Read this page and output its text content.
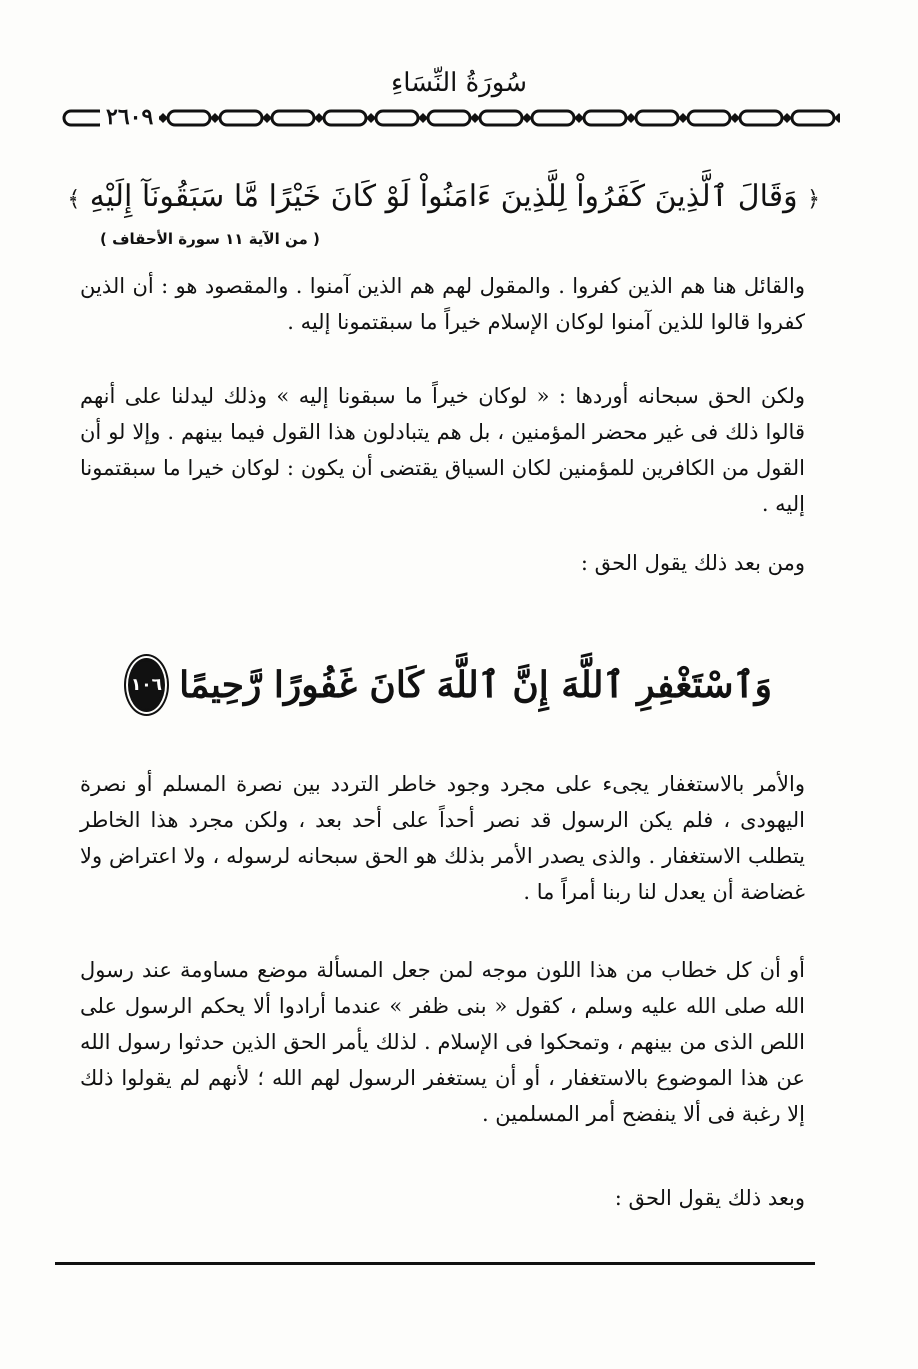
سُورَةُ النِّسَاءِ
٢٦٠٩
﴿ وَقَالَ ٱلَّذِينَ كَفَرُواْ لِلَّذِينَ ءَامَنُواْ لَوْ كَانَ خَيْرًا مَّا سَبَقُونَآ إِلَيْهِ ﴾
( من الآية ١١ سورة الأحقاف )
والقائل هنا هم الذين كفروا . والمقول لهم هم الذين آمنوا . والمقصود هو : أن الذين كفروا قالوا للذين آمنوا لوكان الإسلام خيراً ما سبقتمونا إليه .
ولكن الحق سبحانه أوردها : « لوكان خيراً ما سبقونا إليه » وذلك ليدلنا على أنهم قالوا ذلك فى غير محضر المؤمنين ، بل هم يتبادلون هذا القول فيما بينهم . وإلا لو أن القول من الكافرين للمؤمنين لكان السياق يقتضى أن يكون : لوكان خيرا ما سبقتمونا إليه .
ومن بعد ذلك يقول الحق :
وَٱسْتَغْفِرِ ٱللَّهَ إِنَّ ٱللَّهَ كَانَ غَفُورًا رَّحِيمًا
١٠٦
والأمر بالاستغفار يجىء على مجرد وجود خاطر التردد بين نصرة المسلم أو نصرة اليهودى ، فلم يكن الرسول قد نصر أحداً على أحد بعد ، ولكن مجرد هذا الخاطر يتطلب الاستغفار . والذى يصدر الأمر بذلك هو الحق سبحانه لرسوله ، ولا اعتراض ولا غضاضة أن يعدل لنا ربنا أمراً ما .
أو أن كل خطاب من هذا اللون موجه لمن جعل المسألة موضع مساومة عند رسول الله صلى الله عليه وسلم ، كقول « بنى ظفر » عندما أرادوا ألا يحكم الرسول على اللص الذى من بينهم ، وتمحكوا فى الإسلام . لذلك يأمر الحق الذين حدثوا رسول الله عن هذا الموضوع بالاستغفار ، أو أن يستغفر الرسول لهم الله ؛ لأنهم لم يقولوا ذلك إلا رغبة فى ألا ينفضح أمر المسلمين .
وبعد ذلك يقول الحق :
